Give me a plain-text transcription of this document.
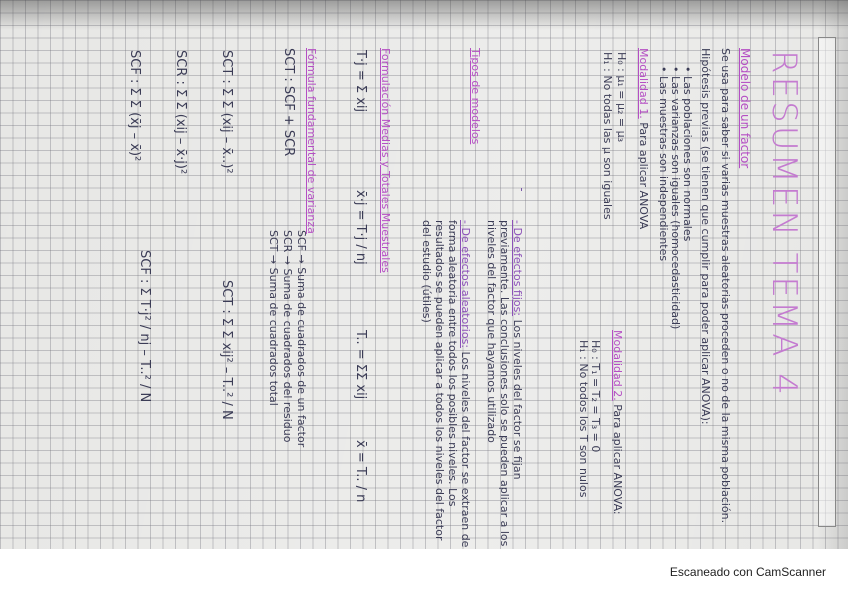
RESUMEN TEMA 4
Modelo de un factor
Se usa para saber si varias muestras aleatorias proceden o no de la misma población.
Hipótesis previas (se tienen que cumplir para poder aplicar ANOVA):
• Las poblaciones son normales
• Las varianzas son iguales (homocedasticidad)
• Las muestras son independientes
Modalidad 1. Para aplicar ANOVA
H₀ : μ₁ = μ₂ = μ₃
H₁ : No todas las μ son iguales
Modalidad 2. Para aplicar ANOVA:
H₀ : T₁ = T₂ = T₃ = 0
H₁ : No todos los T son nulos
Tipos de modelos
- De efectos fijos: Los niveles del factor se fijan previamente. Las conclusiones solo se pueden aplicar a los niveles del factor que hayamos utilizado
- De efectos aleatorios: Los niveles del factor se extraen de forma aleatoria entre todos los posibles niveles. Los resultados se pueden aplicar a todos los niveles del factor del estudio (útiles)
Formulación Medias y Totales Muestrales
T·j = Σ xij
x̄·j = T·j / nj
T.. = ΣΣ xij
x̄ = T.. / n
Fórmula fundamental de varianza
SCT : SCF + SCR
SCF → Suma de cuadrados de un factor
SCR → Suma de cuadrados del residuo
SCT → Suma de cuadrados total
SCT : Σ Σ (xij – x̄..)²
SCT : Σ Σ xij² – T..² / N
SCR : Σ Σ (xij – x̄·j)²
SCF : Σ Σ (x̄j – x̄)²
SCF : Σ T·j² / nj – T..² / N
Escaneado con CamScanner
